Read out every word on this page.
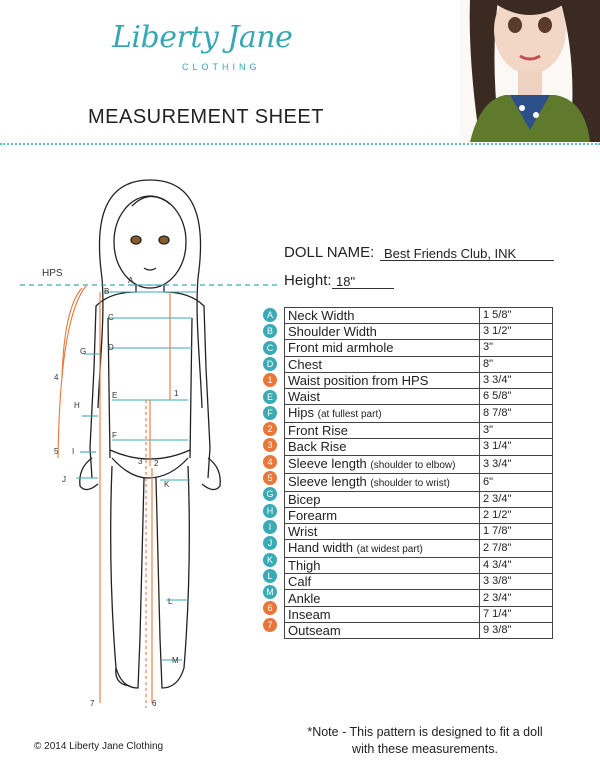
Liberty Jane
CLOTHING
MEASUREMENT SHEET
A
B
C
D
E
F
G
H
I
J
K
L
M
1
2
3
4
5
6
7
HPS
DOLL NAME: Best Friends Club, INK
Height: 18"
A
B
C
D
1
E
F
2
3
4
5
G
H
I
J
K
L
M
6
7
Neck Width	1 5/8"
Shoulder Width	3 1/2"
Front mid armhole	3"
Chest	8"
Waist position from HPS	3 3/4"
Waist	6 5/8"
Hips (at fullest part)	8 7/8"
Front Rise	3"
Back Rise	3 1/4"
Sleeve length (shoulder to elbow)	3 3/4"
Sleeve length (shoulder to wrist)	6"
Bicep	2 3/4"
Forearm	2 1/2"
Wrist	1 7/8"
Hand width (at widest part)	2 7/8"
Thigh	4 3/4"
Calf	3 3/8"
Ankle	2 3/4"
Inseam	7 1/4"
Outseam	9 3/8"
*Note - This pattern is designed to fit a doll
with these measurements.
© 2014 Liberty Jane Clothing
